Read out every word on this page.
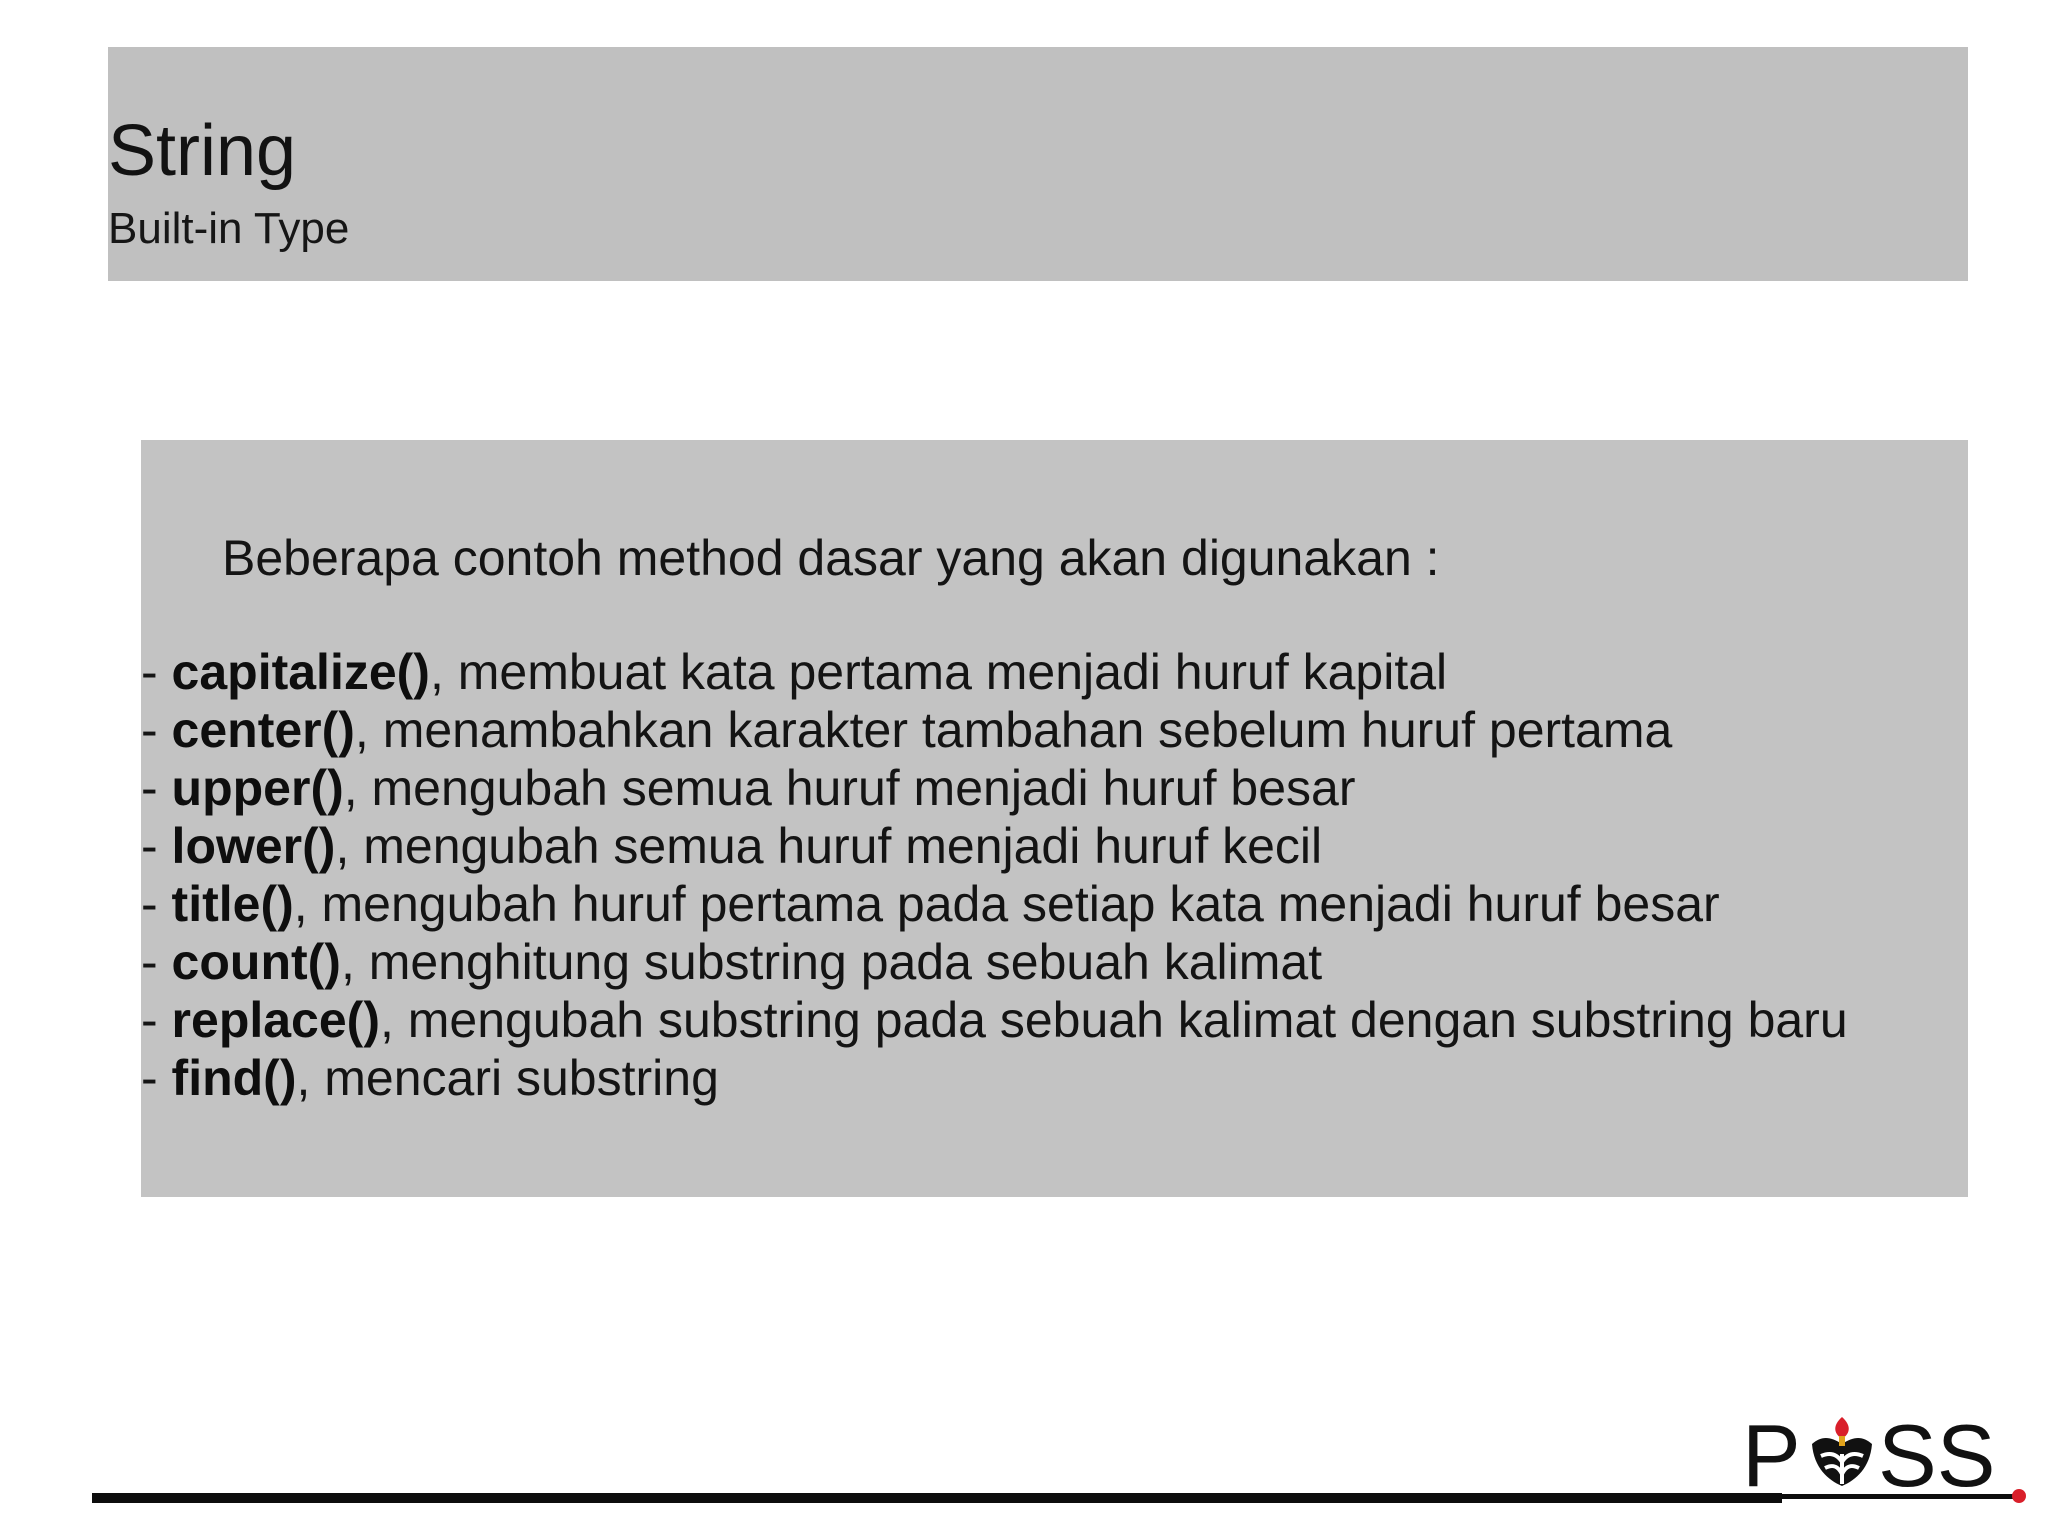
String
Built-in Type
Beberapa contoh method dasar yang akan digunakan :
- capitalize(), membuat kata pertama menjadi huruf kapital
- center(), menambahkan karakter tambahan sebelum huruf pertama
- upper(), mengubah semua huruf menjadi huruf besar
- lower(), mengubah semua huruf menjadi huruf kecil
- title(), mengubah huruf pertama pada setiap kata menjadi huruf besar
- count(), menghitung substring pada sebuah kalimat
- replace(), mengubah substring pada sebuah kalimat dengan substring baru
- find(), mencari substring
P SS
